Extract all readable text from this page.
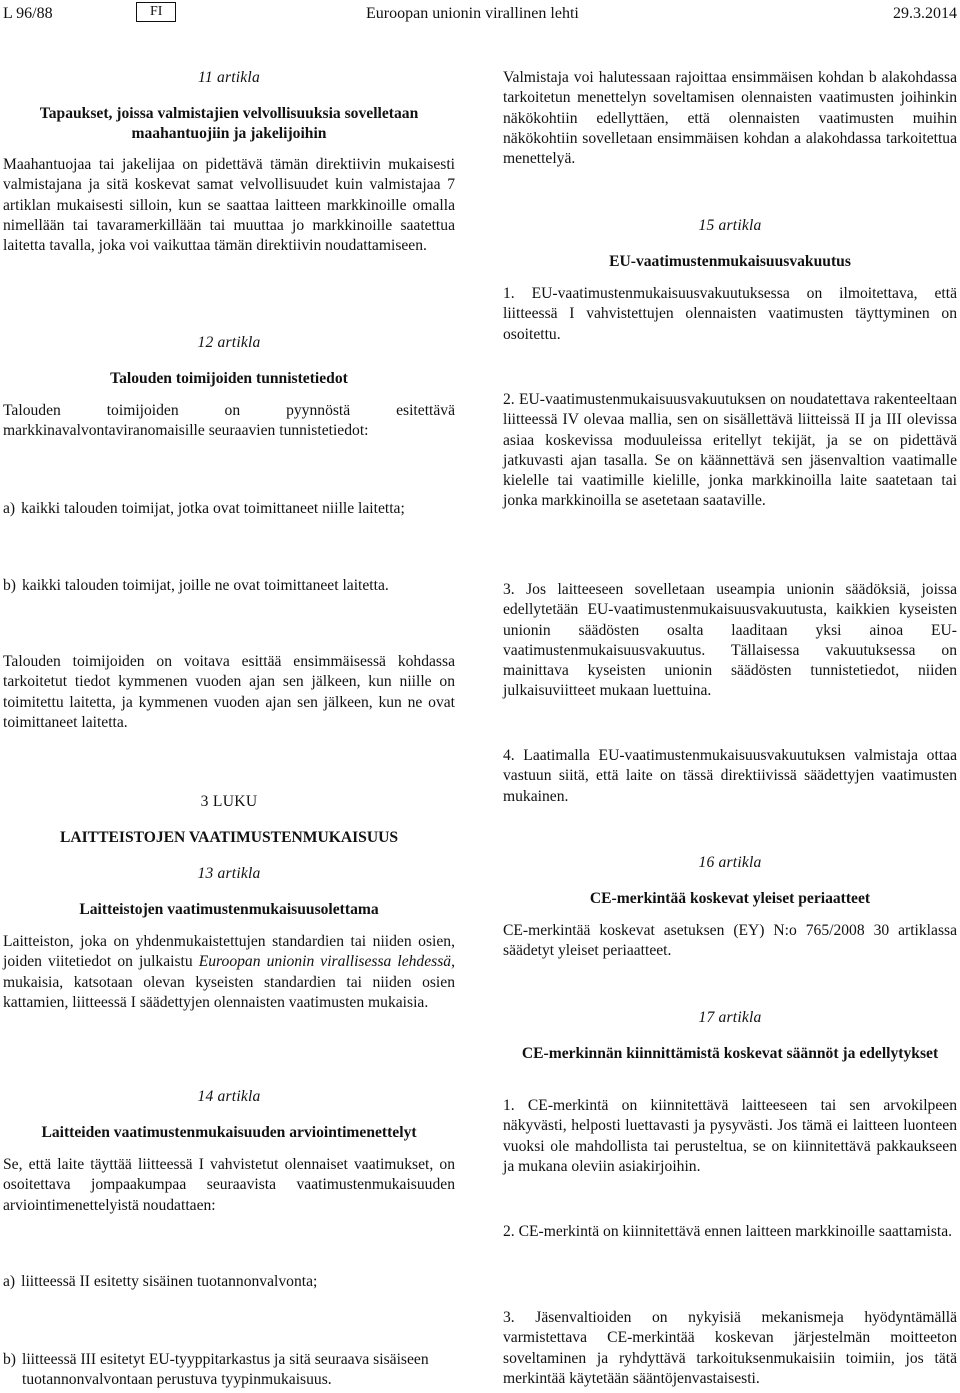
L 96/88	FI	Euroopan unionin virallinen lehti	29.3.2014
11 artikla
Tapaukset, joissa valmistajien velvollisuuksia sovelletaan maahantuojiin ja jakelijoihin
Maahantuojaa tai jakelijaa on pidettävä tämän direktiivin mukaisesti valmistajana ja sitä koskevat samat velvollisuudet kuin valmistajaa 7 artiklan mukaisesti silloin, kun se saattaa laitteen markkinoille omalla nimellään tai tavaramerkillään tai muuttaa jo markkinoille saatettua laitetta tavalla, joka voi vaikuttaa tämän direktiivin noudattamiseen.
12 artikla
Talouden toimijoiden tunnistetiedot
Talouden toimijoiden on pyynnöstä esitettävä markkinavalvontaviranomaisille seuraavien tunnistetiedot:
a) kaikki talouden toimijat, jotka ovat toimittaneet niille laitetta;
b) kaikki talouden toimijat, joille ne ovat toimittaneet laitetta.
Talouden toimijoiden on voitava esittää ensimmäisessä kohdassa tarkoitetut tiedot kymmenen vuoden ajan sen jälkeen, kun niille on toimitettu laitetta, ja kymmenen vuoden ajan sen jälkeen, kun ne ovat toimittaneet laitetta.
3 LUKU
LAITTEISTOJEN VAATIMUSTENMUKAISUUS
13 artikla
Laitteistojen vaatimustenmukaisuusolettama
Laitteiston, joka on yhdenmukaistettujen standardien tai niiden osien, joiden viitetiedot on julkaistu Euroopan unionin virallisessa lehdessä, mukaisia, katsotaan olevan kyseisten standardien tai niiden osien kattamien, liitteessä I säädettyjen olennaisten vaatimusten mukaisia.
14 artikla
Laitteiden vaatimustenmukaisuuden arviointimenettelyt
Se, että laite täyttää liitteessä I vahvistetut olennaiset vaatimukset, on osoitettava jompaakumpaa seuraavista vaatimustenmukaisuuden arviointimenettelyistä noudattaen:
a) liitteessä II esitetty sisäinen tuotannonvalvonta;
b) liitteessä III esitetyt EU-tyyppitarkastus ja sitä seuraava sisäiseen tuotannonvalvontaan perustuva tyypinmukaisuus.
Valmistaja voi halutessaan rajoittaa ensimmäisen kohdan b alakohdassa tarkoitetun menettelyn soveltamisen olennaisten vaatimusten joihinkin näkökohtiin edellyttäen, että olennaisten vaatimusten muihin näkökohtiin sovelletaan ensimmäisen kohdan a alakohdassa tarkoitettua menettelyä.
15 artikla
EU-vaatimustenmukaisuusvakuutus
1. EU-vaatimustenmukaisuusvakuutuksessa on ilmoitettava, että liitteessä I vahvistettujen olennaisten vaatimusten täyttyminen on osoitettu.
2. EU-vaatimustenmukaisuusvakuutuksen on noudatettava rakenteeltaan liitteessä IV olevaa mallia, sen on sisällettävä liitteissä II ja III olevissa asiaa koskevissa moduuleissa eritellyt tekijät, ja se on pidettävä jatkuvasti ajan tasalla. Se on käännettävä sen jäsenvaltion vaatimalle kielelle tai vaatimille kielille, jonka markkinoilla laite saatetaan tai jonka markkinoilla se asetetaan saataville.
3. Jos laitteeseen sovelletaan useampia unionin säädöksiä, joissa edellytetään EU-vaatimustenmukaisuusvakuutusta, kaikkien kyseisten unionin säädösten osalta laaditaan yksi ainoa EU-vaatimustenmukaisuusvakuutus. Tällaisessa vakuutuksessa on mainittava kyseisten unionin säädösten tunnistetiedot, niiden julkaisuviitteet mukaan luettuina.
4. Laatimalla EU-vaatimustenmukaisuusvakuutuksen valmistaja ottaa vastuun siitä, että laite on tässä direktiivissä säädettyjen vaatimusten mukainen.
16 artikla
CE-merkintää koskevat yleiset periaatteet
CE-merkintää koskevat asetuksen (EY) N:o 765/2008 30 artiklassa säädetyt yleiset periaatteet.
17 artikla
CE-merkinnän kiinnittämistä koskevat säännöt ja edellytykset
1. CE-merkintä on kiinnitettävä laitteeseen tai sen arvokilpeen näkyvästi, helposti luettavasti ja pysyvästi. Jos tämä ei laitteen luonteen vuoksi ole mahdollista tai perusteltua, se on kiinnitettävä pakkaukseen ja mukana oleviin asiakirjoihin.
2. CE-merkintä on kiinnitettävä ennen laitteen markkinoille saattamista.
3. Jäsenvaltioiden on nykyisiä mekanismeja hyödyntämällä varmistettava CE-merkintää koskevan järjestelmän moitteeton soveltaminen ja ryhdyttävä tarkoituksenmukaisiin toimiin, jos tätä merkintää käytetään sääntöjenvastaisesti.
